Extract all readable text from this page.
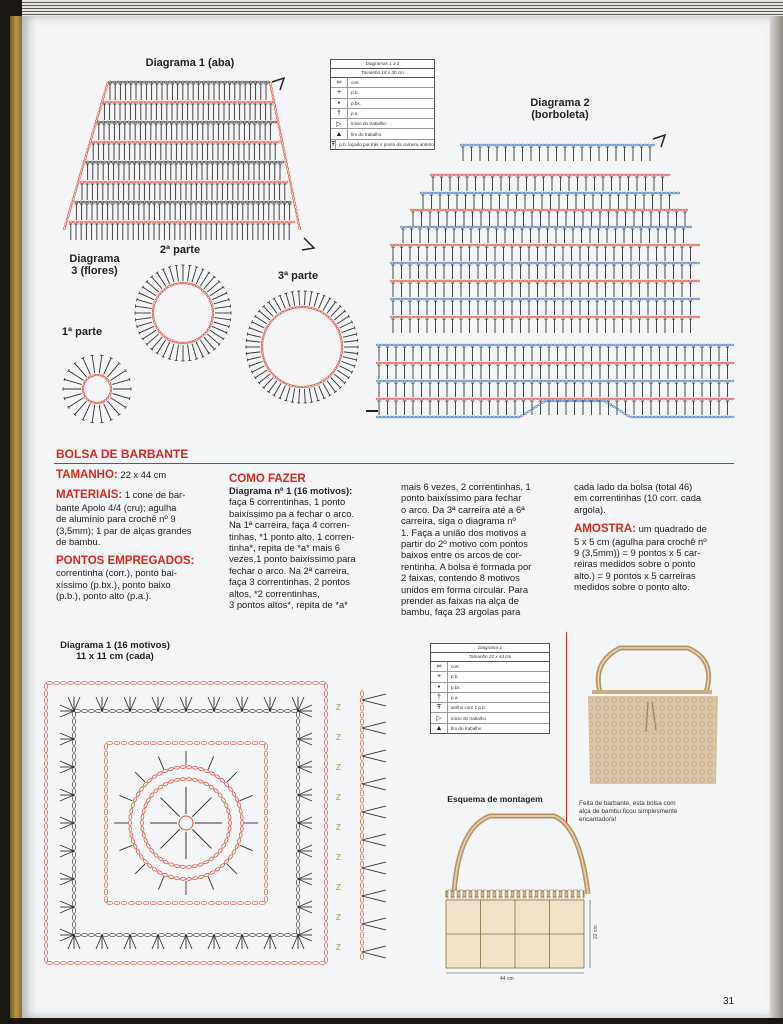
Diagrama 1 (aba)
Diagrama 2
(borboleta)
Diagrama
3 (flores)
2ª parte
3ª parte
1ª parte
Diagramas 1 a 3
Tamanho 18 x 30 cm
∞	corr.
+	p.b.
•	p.bx.
†	p.a.
▷	início do trabalho
▲	fim do trabalho
Ŧ p.b. laçado por trás o ponto da carreira anterior
BOLSA DE BARBANTE
TAMANHO: 22 x 44 cm
MATERIAIS: 1 cone de bar-
bante Apolo 4/4 (cru); agulha
de alumínio para crochê nº 9
(3,5mm); 1 par de alças grandes
de bambu.
PONTOS EMPREGADOS:
correntinha (corr.), ponto bai-
xíssimo (p.bx.), ponto baixo
(p.b.), ponto alto (p.a.).
COMO FAZER
Diagrama nº 1 (16 motivos):
faça 5 correntinhas, 1 ponto
baixíssimo pa a fechar o arco.
Na 1ª carreira, faça 4 corren-
tinhas, *1 ponto alto, 1 corren-
tinha*, repita de *a* mais 6
vezes,1 ponto baixíssimo para
fechar o arco. Na 2ª carreira,
faça 3 correntinhas, 2 pontos
altos, *2 correntinhas,
3 pontos altos*, repita de *a*
mais 6 vezes, 2 correntinhas, 1
ponto baixíssimo para fechar
o arco. Da 3ª carreira até a 6ª
carreira, siga o diagrama nº
1. Faça a união dos motivos a
partir do 2º motivo com pontos
baixos entre os arcos de cor-
rentinha. A bolsa é formada por
2 faixas, contendo 8 motivos
unidos em forma circular. Para
prender as faixas na alça de
bambu, faça 23 argolas para
cada lado da bolsa (total 46)
em correntinhas (10 corr. cada
argola).
AMOSTRA: um quadrado de
5 x 5 cm (agulha para crochê nº
9 (3,5mm)) = 9 pontos x 5 car-
reiras medidos sobre o ponto
alto.) = 9 pontos x 5 carreiras
medidos sobre o ponto alto.
Diagrama 1 (16 motivos)
11 x 11 cm (cada)
Z
Z
Z
Z
Z
Z
Z
Z
Z
Diagrama 1
Tamanho 22 x 44 cm
∞	corr.
+	p.b.
•	p.bx.
†	p.a.
Ŧ	anilho com 1 p.b.
▷	início do trabalho
▲	fim do trabalho
Esquema de montagem
44 cm
22 cm
Feita de barbante, esta bolsa com
alça de bambu ficou simplesmente
encantadora!
31
